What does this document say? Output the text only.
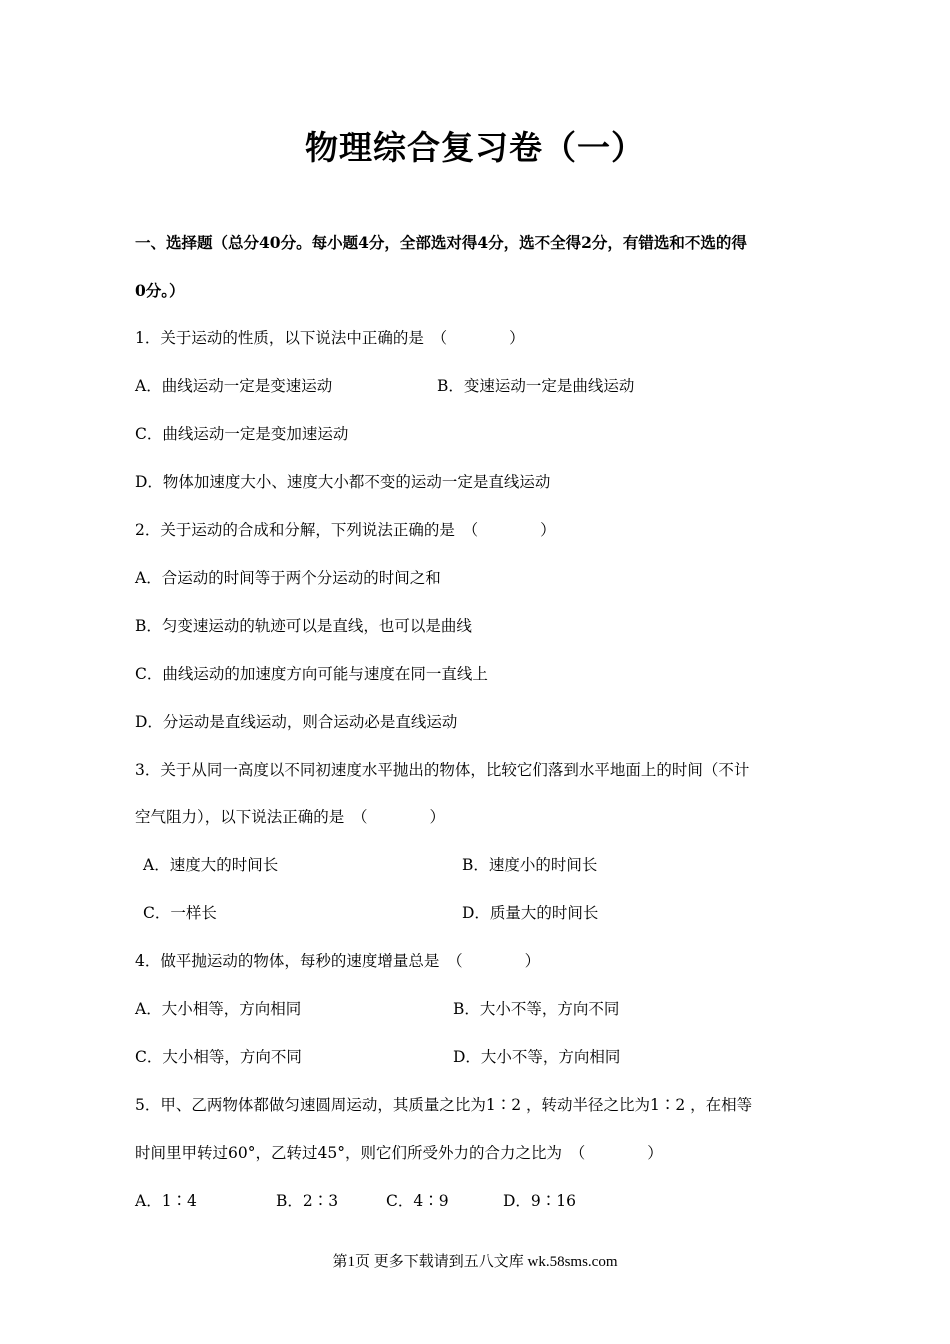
物理综合复习卷（一）
一、选择题（总分40分。每小题4分，全部选对得4分，选不全得2分，有错选和不选的得
0分。）
1．关于运动的性质，以下说法中正确的是　（　　　　）
A．曲线运动一定是变速运动	B．变速运动一定是曲线运动
C．曲线运动一定是变加速运动
D．物体加速度大小、速度大小都不变的运动一定是直线运动
2．关于运动的合成和分解，下列说法正确的是　（　　　　）
A．合运动的时间等于两个分运动的时间之和
B．匀变速运动的轨迹可以是直线，也可以是曲线
C．曲线运动的加速度方向可能与速度在同一直线上
D．分运动是直线运动，则合运动必是直线运动
3．关于从同一高度以不同初速度水平抛出的物体，比较它们落到水平地面上的时间（不计
空气阻力），以下说法正确的是　（　　　　）
A．速度大的时间长	B．速度小的时间长
C．一样长	D．质量大的时间长
4．做平抛运动的物体，每秒的速度增量总是　（　　　　）
A．大小相等，方向相同	B．大小不等，方向不同
C．大小相等，方向不同	D．大小不等，方向相同
5．甲、乙两物体都做匀速圆周运动，其质量之比为1∶2 ，转动半径之比为1∶2 ，在相等
时间里甲转过60°，乙转过45°，则它们所受外力的合力之比为　（　　　　）
A．1∶4	B．2∶3	C．4∶9	D．9∶16
第1页 更多下载请到五八文库 wk.58sms.com
